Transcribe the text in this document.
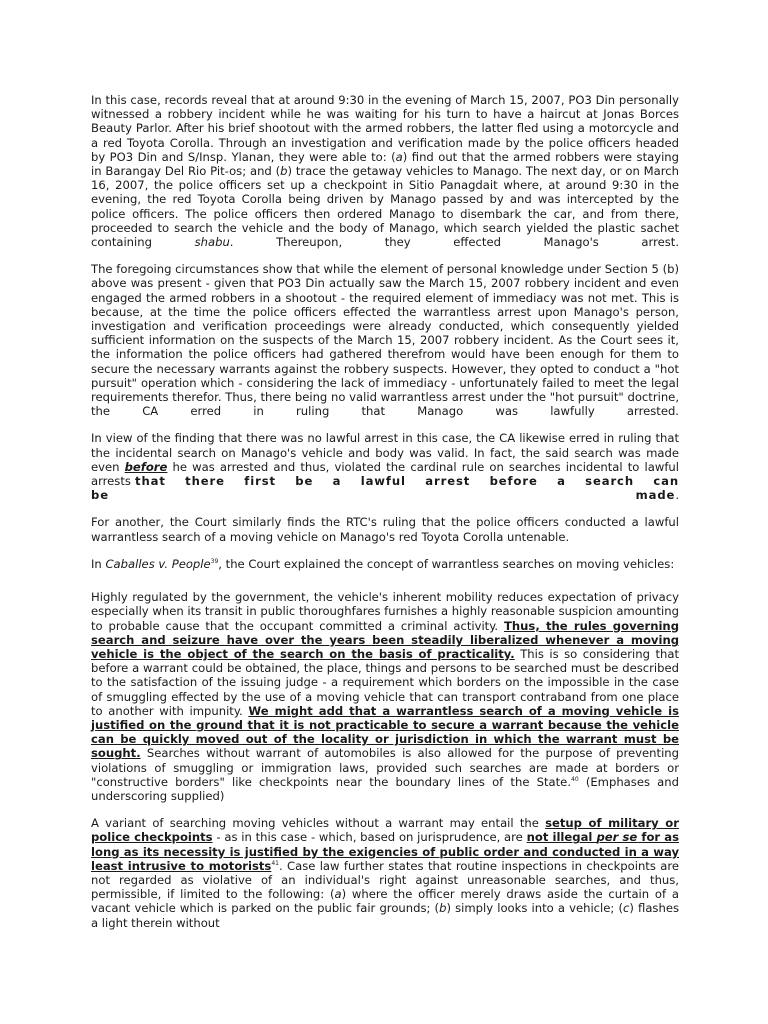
In this case, records reveal that at around 9:30 in the evening of March 15, 2007, PO3 Din personally witnessed a robbery incident while he was waiting for his turn to have a haircut at Jonas Borces Beauty Parlor. After his brief shootout with the armed robbers, the latter fled using a motorcycle and a red Toyota Corolla. Through an investigation and verification made by the police officers headed by PO3 Din and S/Insp. Ylanan, they were able to: (a) find out that the armed robbers were staying in Barangay Del Rio Pit-os; and (b) trace the getaway vehicles to Manago. The next day, or on March 16, 2007, the police officers set up a checkpoint in Sitio Panagdait where, at around 9:30 in the evening, the red Toyota Corolla being driven by Manago passed by and was intercepted by the police officers. The police officers then ordered Manago to disembark the car, and from there, proceeded to search the vehicle and the body of Manago, which search yielded the plastic sachet containing shabu. Thereupon, they effected Manago's arrest.

The foregoing circumstances show that while the element of personal knowledge under Section 5 (b) above was present - given that PO3 Din actually saw the March 15, 2007 robbery incident and even engaged the armed robbers in a shootout - the required element of immediacy was not met. This is because, at the time the police officers effected the warrantless arrest upon Manago's person, investigation and verification proceedings were already conducted, which consequently yielded sufficient information on the suspects of the March 15, 2007 robbery incident. As the Court sees it, the information the police officers had gathered therefrom would have been enough for them to secure the necessary warrants against the robbery suspects. However, they opted to conduct a "hot pursuit" operation which - considering the lack of immediacy - unfortunately failed to meet the legal requirements therefor. Thus, there being no valid warrantless arrest under the "hot pursuit" doctrine, the CA erred in ruling that Manago was lawfully arrested.

In view of the finding that there was no lawful arrest in this case, the CA likewise erred in ruling that the incidental search on Manago's vehicle and body was valid. In fact, the said search was made even before he was arrested and thus, violated the cardinal rule on searches incidental to lawful arrests that there first be a lawful arrest before a search can be made.

For another, the Court similarly finds the RTC's ruling that the police officers conducted a lawful warrantless search of a moving vehicle on Manago's red Toyota Corolla untenable.

In Caballes v. People$^{39}$, the Court explained the concept of warrantless searches on moving vehicles:

Highly regulated by the government, the vehicle's inherent mobility reduces expectation of privacy especially when its transit in public thoroughfares furnishes a highly reasonable suspicion amounting to probable cause that the occupant committed a criminal activity. Thus, the rules governing search and seizure have over the years been steadily liberalized whenever a moving vehicle is the object of the search on the basis of practicality. This is so considering that before a warrant could be obtained, the place, things and persons to be searched must be described to the satisfaction of the issuing judge - a requirement which borders on the impossible in the case of smuggling effected by the use of a moving vehicle that can transport contraband from one place to another with impunity. We might add that a warrantless search of a moving vehicle is justified on the ground that it is not practicable to secure a warrant because the vehicle can be quickly moved out of the locality or jurisdiction in which the warrant must be sought. Searches without warrant of automobiles is also allowed for the purpose of preventing violations of smuggling or immigration laws, provided such searches are made at borders or "constructive borders" like checkpoints near the boundary lines of the State.$^{40}$ (Emphases and underscoring supplied)

A variant of searching moving vehicles without a warrant may entail the setup of military or police checkpoints - as in this case - which, based on jurisprudence, are not illegal per se for as long as its necessity is justified by the exigencies of public order and conducted in a way least intrusive to motorists$^{41}$. Case law further states that routine inspections in checkpoints are not regarded as violative of an individual's right against unreasonable searches, and thus, permissible, if limited to the following: (a) where the officer merely draws aside the curtain of a vacant vehicle which is parked on the public fair grounds; (b) simply looks into a vehicle; (c) flashes a light therein without
